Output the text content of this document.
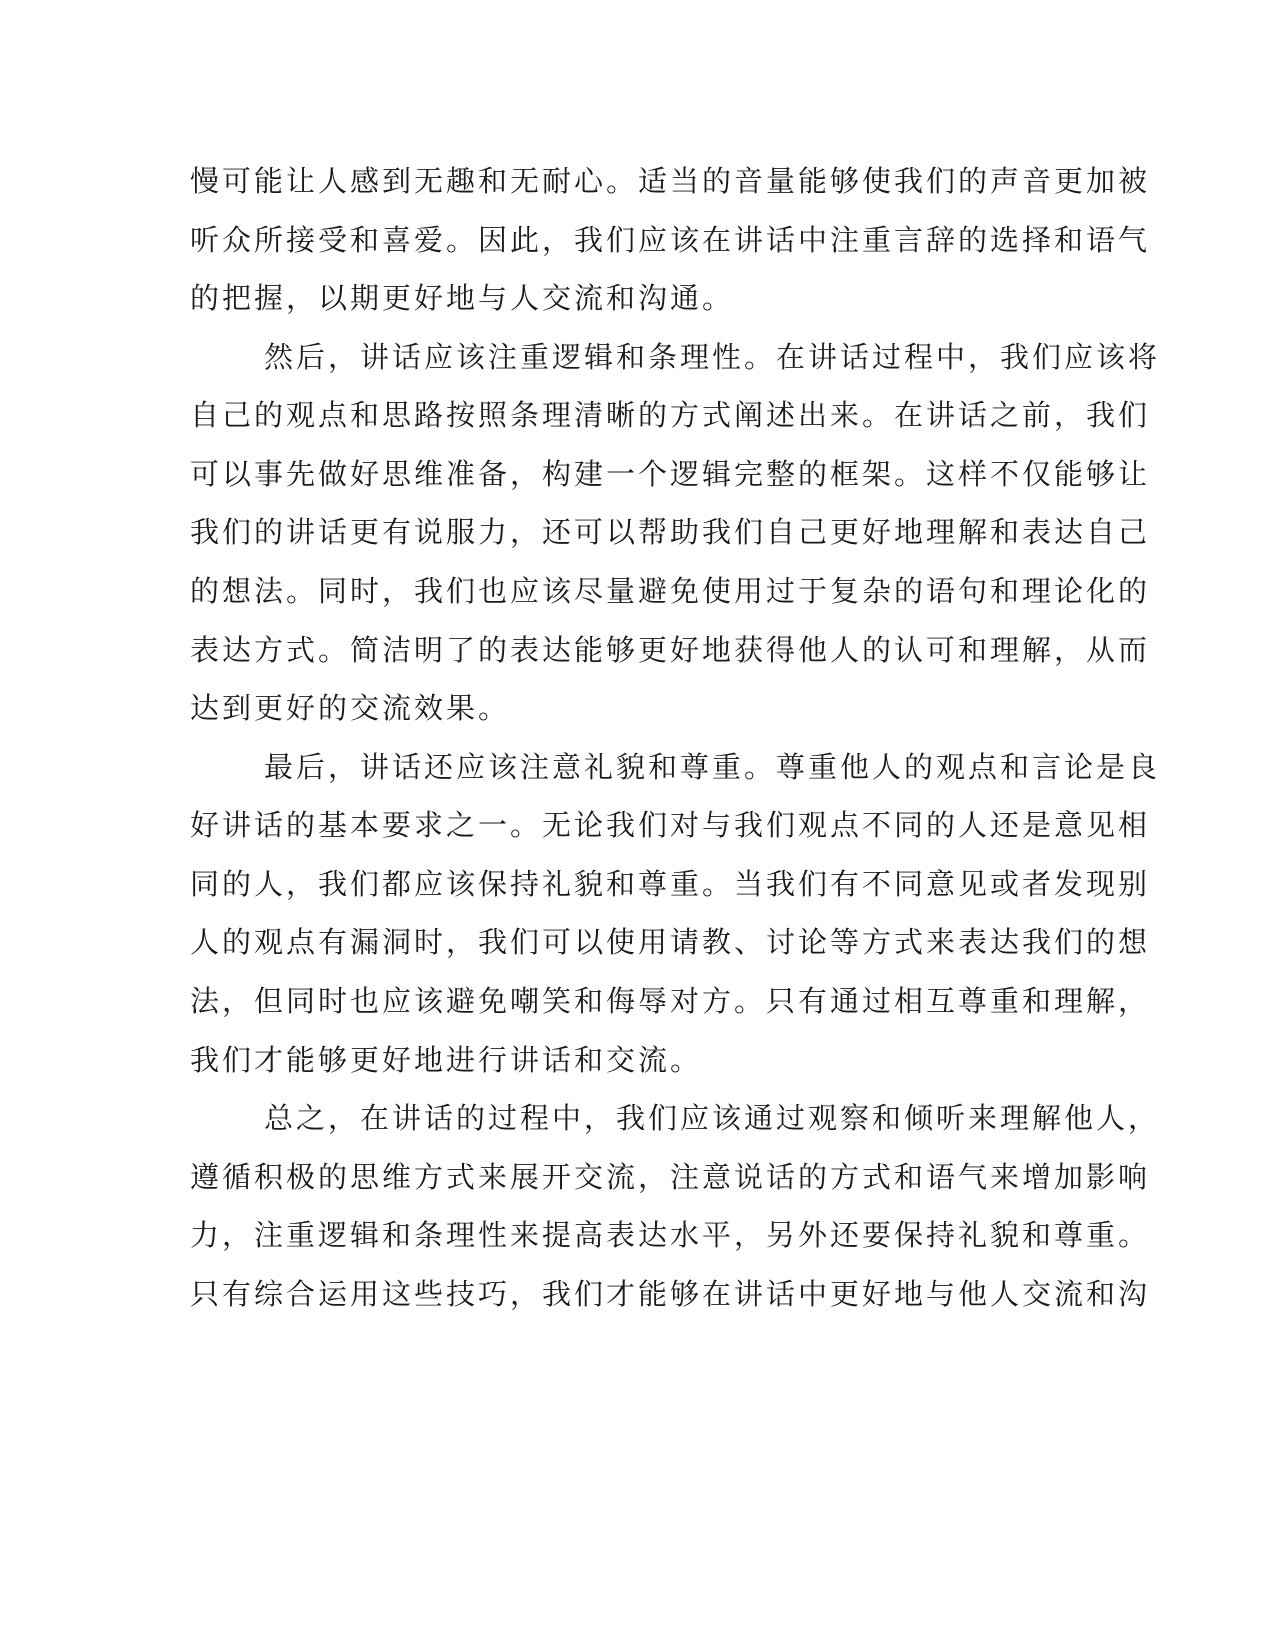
慢可能让人感到无趣和无耐心。适当的音量能够使我们的声音更加被

听众所接受和喜爱。因此，我们应该在讲话中注重言辞的选择和语气

的把握，以期更好地与人交流和沟通。

然后，讲话应该注重逻辑和条理性。在讲话过程中，我们应该将

自己的观点和思路按照条理清晰的方式阐述出来。在讲话之前，我们

可以事先做好思维准备，构建一个逻辑完整的框架。这样不仅能够让

我们的讲话更有说服力，还可以帮助我们自己更好地理解和表达自己

的想法。同时，我们也应该尽量避免使用过于复杂的语句和理论化的

表达方式。简洁明了的表达能够更好地获得他人的认可和理解，从而

达到更好的交流效果。

最后，讲话还应该注意礼貌和尊重。尊重他人的观点和言论是良

好讲话的基本要求之一。无论我们对与我们观点不同的人还是意见相

同的人，我们都应该保持礼貌和尊重。当我们有不同意见或者发现别

人的观点有漏洞时，我们可以使用请教、讨论等方式来表达我们的想

法，但同时也应该避免嘲笑和侮辱对方。只有通过相互尊重和理解，

我们才能够更好地进行讲话和交流。

总之，在讲话的过程中，我们应该通过观察和倾听来理解他人，

遵循积极的思维方式来展开交流，注意说话的方式和语气来增加影响

力，注重逻辑和条理性来提高表达水平，另外还要保持礼貌和尊重。

只有综合运用这些技巧，我们才能够在讲话中更好地与他人交流和沟
